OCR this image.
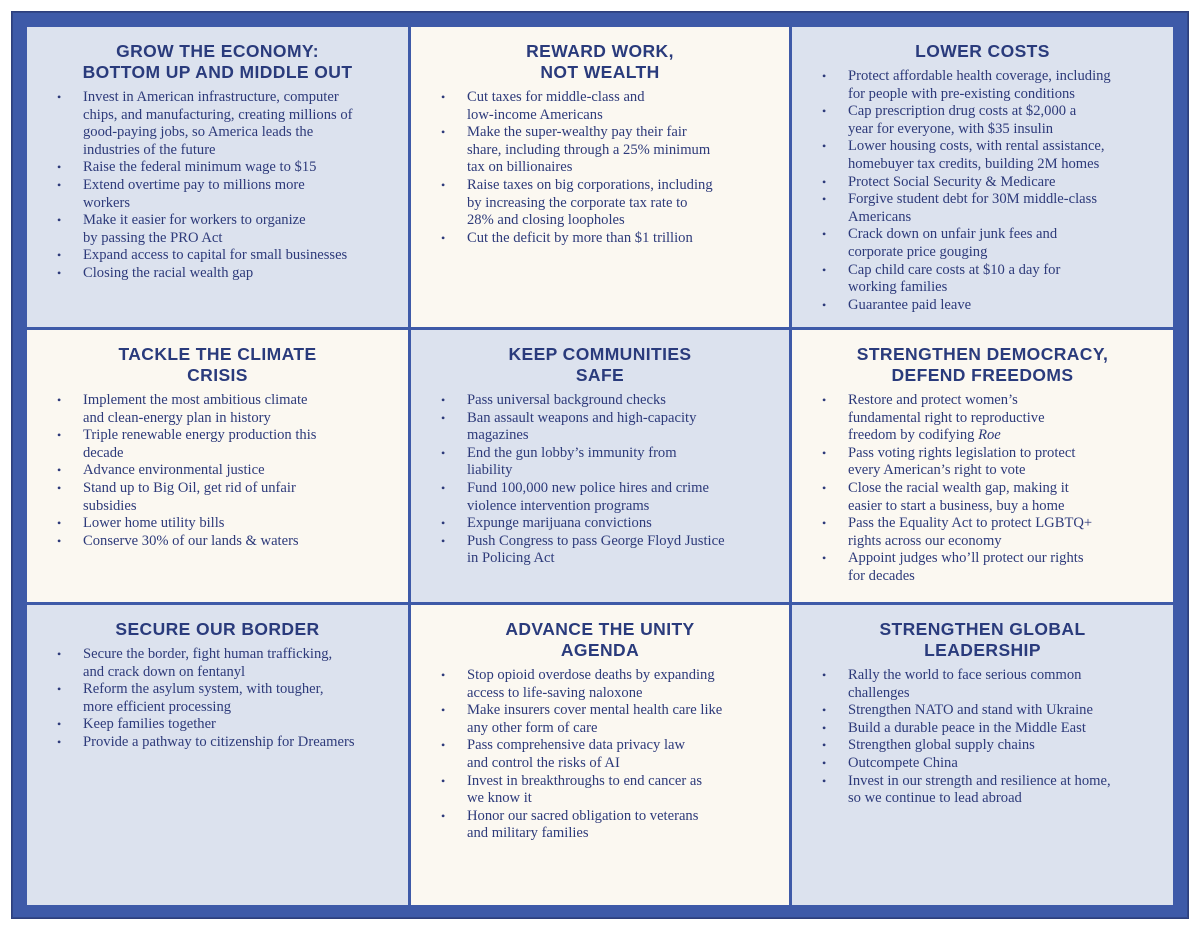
GROW THE ECONOMY:
BOTTOM UP AND MIDDLE OUT
• Invest in American infrastructure, computer
chips, and manufacturing, creating millions of
good-paying jobs, so America leads the
industries of the future
• Raise the federal minimum wage to $15
• Extend overtime pay to millions more
workers
• Make it easier for workers to organize
by passing the PRO Act
• Expand access to capital for small businesses
• Closing the racial wealth gap
REWARD WORK,
NOT WEALTH
• Cut taxes for middle-class and
low-income Americans
• Make the super-wealthy pay their fair
share, including through a 25% minimum
tax on billionaires
• Raise taxes on big corporations, including
by increasing the corporate tax rate to
28% and closing loopholes
• Cut the deficit by more than $1 trillion
LOWER COSTS
• Protect affordable health coverage, including
for people with pre-existing conditions
• Cap prescription drug costs at $2,000 a
year for everyone, with $35 insulin
• Lower housing costs, with rental assistance,
homebuyer tax credits, building 2M homes
• Protect Social Security & Medicare
• Forgive student debt for 30M middle-class
Americans
• Crack down on unfair junk fees and
corporate price gouging
• Cap child care costs at $10 a day for
working families
• Guarantee paid leave
TACKLE THE CLIMATE
CRISIS
• Implement the most ambitious climate
and clean-energy plan in history
• Triple renewable energy production this
decade
• Advance environmental justice
• Stand up to Big Oil, get rid of unfair
subsidies
• Lower home utility bills
• Conserve 30% of our lands & waters
KEEP COMMUNITIES
SAFE
• Pass universal background checks
• Ban assault weapons and high-capacity
magazines
• End the gun lobby’s immunity from
liability
• Fund 100,000 new police hires and crime
violence intervention programs
• Expunge marijuana convictions
• Push Congress to pass George Floyd Justice
in Policing Act
STRENGTHEN DEMOCRACY,
DEFEND FREEDOMS
• Restore and protect women’s
fundamental right to reproductive
freedom by codifying Roe
• Pass voting rights legislation to protect
every American’s right to vote
• Close the racial wealth gap, making it
easier to start a business, buy a home
• Pass the Equality Act to protect LGBTQ+
rights across our economy
• Appoint judges who’ll protect our rights
for decades
SECURE OUR BORDER
• Secure the border, fight human trafficking,
and crack down on fentanyl
• Reform the asylum system, with tougher,
more efficient processing
• Keep families together
• Provide a pathway to citizenship for Dreamers
ADVANCE THE UNITY
AGENDA
• Stop opioid overdose deaths by expanding
access to life-saving naloxone
• Make insurers cover mental health care like
any other form of care
• Pass comprehensive data privacy law
and control the risks of AI
• Invest in breakthroughs to end cancer as
we know it
• Honor our sacred obligation to veterans
and military families
STRENGTHEN GLOBAL
LEADERSHIP
• Rally the world to face serious common
challenges
• Strengthen NATO and stand with Ukraine
• Build a durable peace in the Middle East
• Strengthen global supply chains
• Outcompete China
• Invest in our strength and resilience at home,
so we continue to lead abroad
